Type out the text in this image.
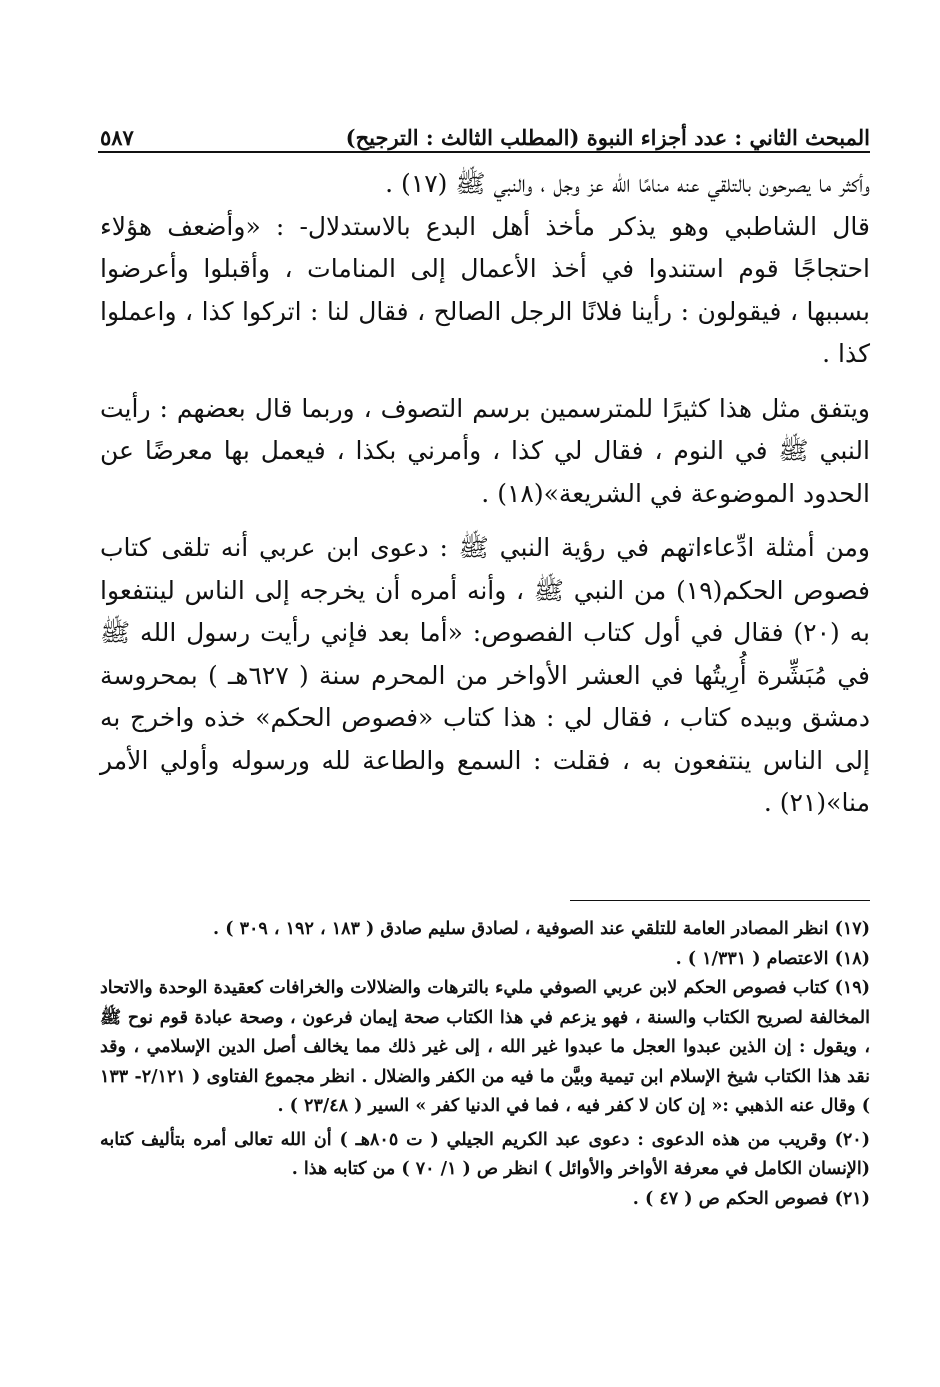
المبحث الثاني : عدد أجزاء النبوة (المطلب الثالث : الترجيح)
٥٨٧

وأكثر ما يصرحون بالتلقي عنه منامًا الله عز وجل ، والنبي ﷺ (١٧) .

قال الشاطبي وهو يذكر مأخذ أهل البدع بالاستدلال- : «وأضعف هؤلاء احتجاجًا قوم استندوا في أخذ الأعمال إلى المنامات ، وأقبلوا وأعرضوا بسببها ، فيقولون : رأينا فلانًا الرجل الصالح ، فقال لنا : اتركوا كذا ، واعملوا كذا .

ويتفق مثل هذا كثيرًا للمترسمين برسم التصوف ، وربما قال بعضهم : رأيت النبي ﷺ في النوم ، فقال لي كذا ، وأمرني بكذا ، فيعمل بها معرضًا عن الحدود الموضوعة في الشريعة»(١٨) .

ومن أمثلة ادِّعاءاتهم في رؤية النبي ﷺ : دعوى ابن عربي أنه تلقى كتاب فصوص الحكم(١٩) من النبي ﷺ ، وأنه أمره أن يخرجه إلى الناس لينتفعوا به (٢٠) فقال في أول كتاب الفصوص: «أما بعد فإني رأيت رسول الله ﷺ في مُبَشِّرة أُرِيتُها في العشر الأواخر من المحرم سنة ( ٦٢٧هـ ) بمحروسة دمشق وبيده كتاب ، فقال لي : هذا كتاب «فصوص الحكم» خذه واخرج به إلى الناس ينتفعون به ، فقلت : السمع والطاعة لله ورسوله وأولي الأمر منا»(٢١) .

(١٧) انظر المصادر العامة للتلقي عند الصوفية ، لصادق سليم صادق ( ١٨٣ ، ١٩٢ ، ٣٠٩ ) .

(١٨) الاعتصام ( ١/٣٣١ ) .

(١٩) كتاب فصوص الحكم لابن عربي الصوفي مليء بالترهات والضلالات والخرافات كعقيدة الوحدة والاتحاد المخالفة لصريح الكتاب والسنة ، فهو يزعم في هذا الكتاب صحة إيمان فرعون ، وصحة عبادة قوم نوح ﷺ ، ويقول : إن الذين عبدوا العجل ما عبدوا غير الله ، إلى غير ذلك مما يخالف أصل الدين الإسلامي ، وقد نقد هذا الكتاب شيخ الإسلام ابن تيمية وبيَّن ما فيه من الكفر والضلال . انظر مجموع الفتاوى ( ٢/١٢١- ١٣٣ ) وقال عنه الذهبي :« إن كان لا كفر فيه ، فما في الدنيا كفر » السير ( ٢٣/٤٨ ) .

(٢٠) وقريب من هذه الدعوى : دعوى عبد الكريم الجيلي ( ت ٨٠٥هـ ) أن الله تعالى أمره بتأليف كتابه (الإنسان الكامل في معرفة الأواخر والأوائل ) انظر ص ( ١/ ٧٠ ) من كتابه هذا .

(٢١) فصوص الحكم ص ( ٤٧ ) .
